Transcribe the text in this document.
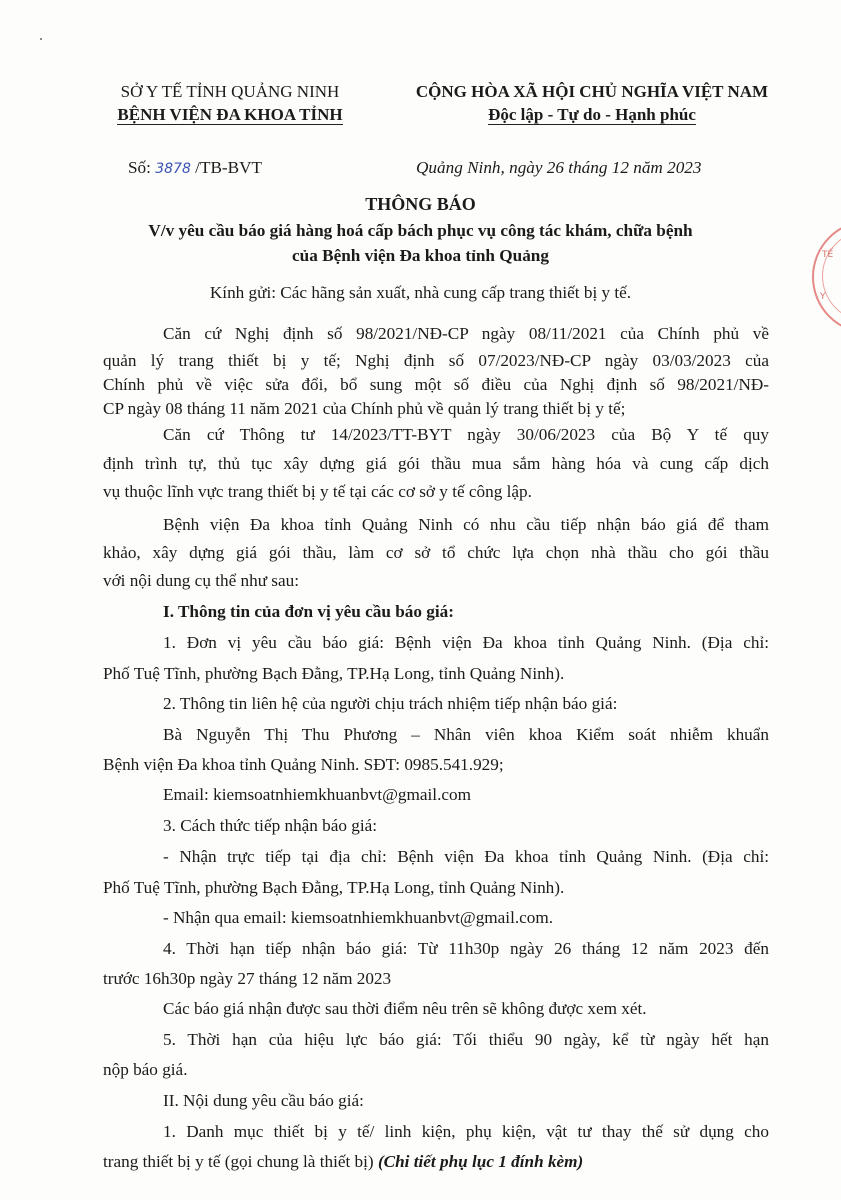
SỞ Y TẾ TỈNH QUẢNG NINH
BỆNH VIỆN ĐA KHOA TỈNH
CỘNG HÒA XÃ HỘI CHỦ NGHĨA VIỆT NAM
Độc lập - Tự do - Hạnh phúc
Số: 3878 /TB-BVT	Quảng Ninh, ngày 26 tháng 12 năm 2023
THÔNG BÁO
V/v yêu cầu báo giá hàng hoá cấp bách phục vụ công tác khám, chữa bệnh
của Bệnh viện Đa khoa tỉnh Quảng
Kính gửi: Các hãng sản xuất, nhà cung cấp trang thiết bị y tế.
TẾ
Y
Căn cứ Nghị định số 98/2021/NĐ-CP ngày 08/11/2021 của Chính phủ về
quản lý trang thiết bị y tế; Nghị định số 07/2023/NĐ-CP ngày 03/03/2023 của
Chính phủ về việc sửa đổi, bổ sung một số điều của Nghị định số 98/2021/NĐ-
CP ngày 08 tháng 11 năm 2021 của Chính phủ về quản lý trang thiết bị y tế;
Căn cứ Thông tư 14/2023/TT-BYT ngày 30/06/2023 của Bộ Y tế quy
định trình tự, thủ tục xây dựng giá gói thầu mua sắm hàng hóa và cung cấp dịch
vụ thuộc lĩnh vực trang thiết bị y tế tại các cơ sở y tế công lập.
Bệnh viện Đa khoa tỉnh Quảng Ninh có nhu cầu tiếp nhận báo giá để tham
khảo, xây dựng giá gói thầu, làm cơ sở tổ chức lựa chọn nhà thầu cho gói thầu
với nội dung cụ thể như sau:
I. Thông tin của đơn vị yêu cầu báo giá:
1. Đơn vị yêu cầu báo giá: Bệnh viện Đa khoa tỉnh Quảng Ninh. (Địa chỉ:
Phố Tuệ Tĩnh, phường Bạch Đằng, TP.Hạ Long, tỉnh Quảng Ninh).
2. Thông tin liên hệ của người chịu trách nhiệm tiếp nhận báo giá:
Bà Nguyễn Thị Thu Phương – Nhân viên khoa Kiểm soát nhiễm khuẩn
Bệnh viện Đa khoa tỉnh Quảng Ninh. SĐT: 0985.541.929;
Email: kiemsoatnhiemkhuanbvt@gmail.com
3. Cách thức tiếp nhận báo giá:
- Nhận trực tiếp tại địa chỉ: Bệnh viện Đa khoa tỉnh Quảng Ninh. (Địa chỉ:
Phố Tuệ Tĩnh, phường Bạch Đằng, TP.Hạ Long, tỉnh Quảng Ninh).
- Nhận qua email: kiemsoatnhiemkhuanbvt@gmail.com.
4. Thời hạn tiếp nhận báo giá: Từ 11h30p ngày 26 tháng 12 năm 2023 đến
trước 16h30p ngày 27 tháng 12 năm 2023
Các báo giá nhận được sau thời điểm nêu trên sẽ không được xem xét.
5. Thời hạn của hiệu lực báo giá: Tối thiểu 90 ngày, kể từ ngày hết hạn
nộp báo giá.
II. Nội dung yêu cầu báo giá:
1. Danh mục thiết bị y tế/ linh kiện, phụ kiện, vật tư thay thế sử dụng cho
trang thiết bị y tế (gọi chung là thiết bị) (Chi tiết phụ lục 1 đính kèm)
